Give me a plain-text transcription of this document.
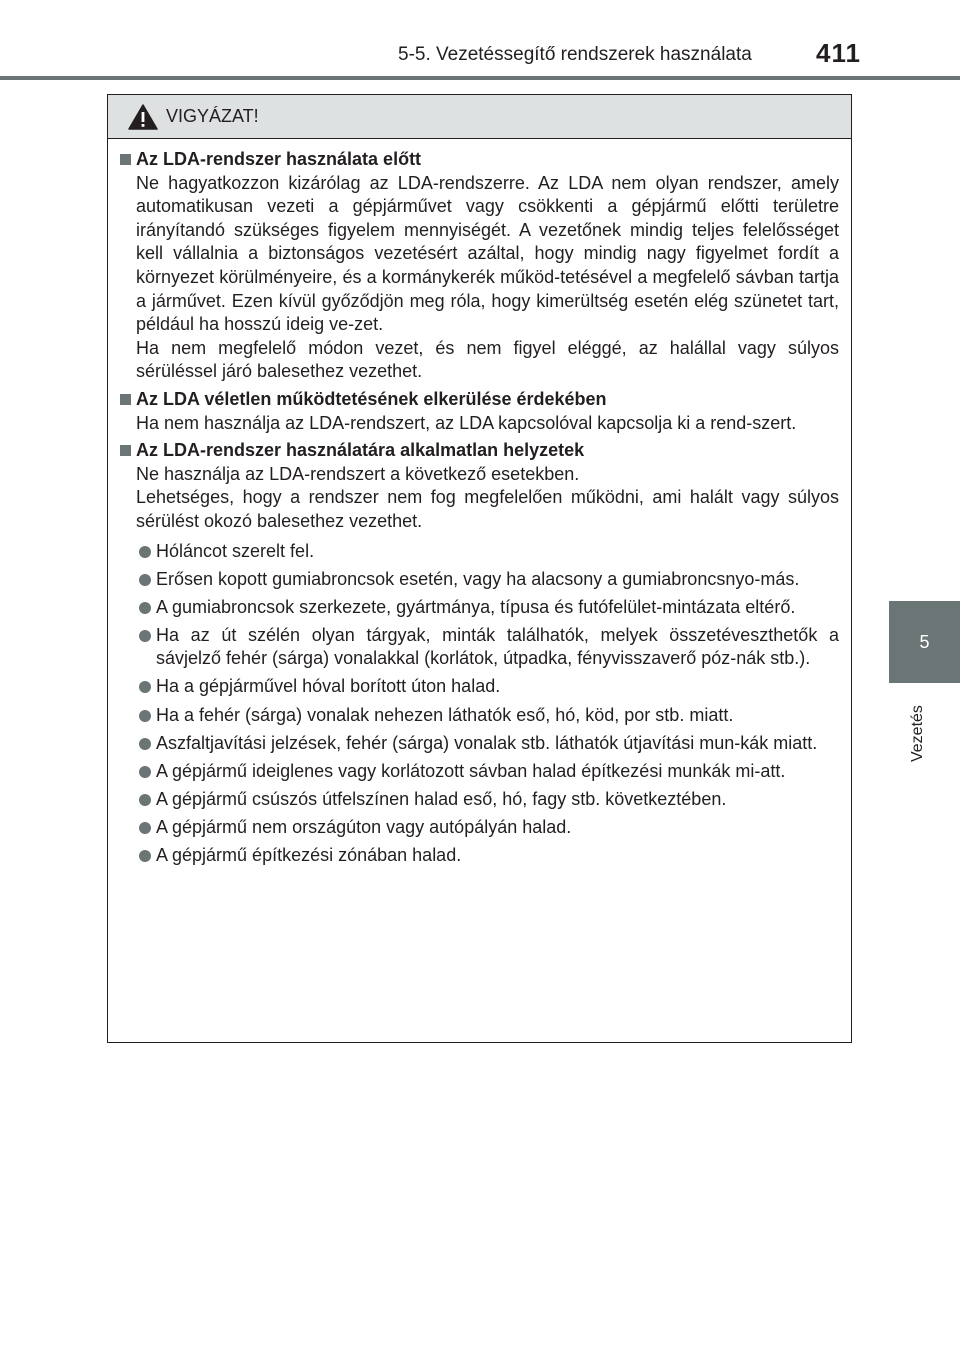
5-5. Vezetéssegítő rendszerek használata 411
5
Vezetés
VIGYÁZAT!
Az LDA-rendszer használata előtt

Ne hagyatkozzon kizárólag az LDA-rendszerre. Az LDA nem olyan rendszer, amely automatikusan vezeti a gépjárművet vagy csökkenti a gépjármű előtti területre irányítandó szükséges figyelem mennyiségét. A vezetőnek mindig teljes felelősséget kell vállalnia a biztonságos vezetésért azáltal, hogy mindig nagy figyelmet fordít a környezet körülményeire, és a kormánykerék működ-tetésével a megfelelő sávban tartja a járművet. Ezen kívül győződjön meg róla, hogy kimerültség esetén elég szünetet tart, például ha hosszú ideig ve-zet.

Ha nem megfelelő módon vezet, és nem figyel eléggé, az halállal vagy súlyos sérüléssel járó balesethez vezethet.

Az LDA véletlen működtetésének elkerülése érdekében

Ha nem használja az LDA-rendszert, az LDA kapcsolóval kapcsolja ki a rend-szert.

Az LDA-rendszer használatára alkalmatlan helyzetek

Ne használja az LDA-rendszert a következő esetekben.

Lehetséges, hogy a rendszer nem fog megfelelően működni, ami halált vagy súlyos sérülést okozó balesethez vezethet.

Hóláncot szerelt fel.
Erősen kopott gumiabroncsok esetén, vagy ha alacsony a gumiabroncsnyo-más.
A gumiabroncsok szerkezete, gyártmánya, típusa és futófelület-mintázata eltérő.
Ha az út szélén olyan tárgyak, minták találhatók, melyek összetéveszthetők a sávjelző fehér (sárga) vonalakkal (korlátok, útpadka, fényvisszaverő póz-nák stb.).
Ha a gépjárművel hóval borított úton halad.
Ha a fehér (sárga) vonalak nehezen láthatók eső, hó, köd, por stb. miatt.
Aszfaltjavítási jelzések, fehér (sárga) vonalak stb. láthatók útjavítási mun-kák miatt.
A gépjármű ideiglenes vagy korlátozott sávban halad építkezési munkák mi-att.
A gépjármű csúszós útfelszínen halad eső, hó, fagy stb. következtében.
A gépjármű nem országúton vagy autópályán halad.
A gépjármű építkezési zónában halad.
